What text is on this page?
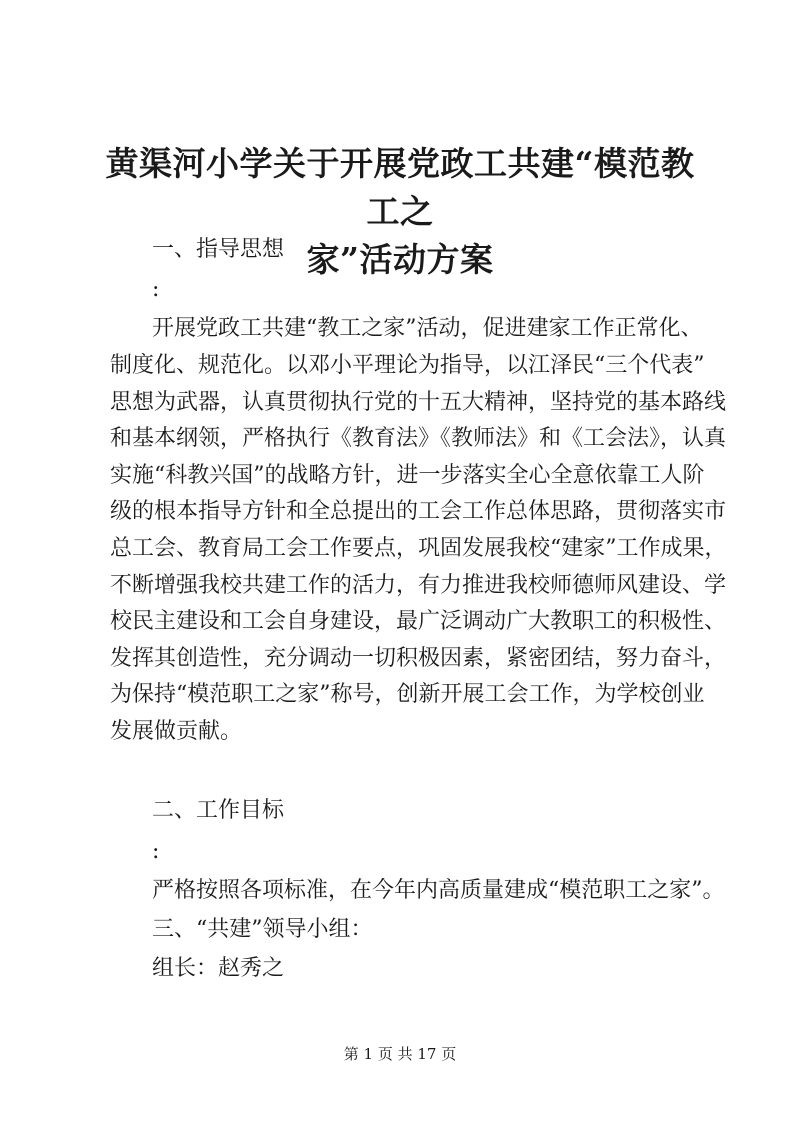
黄渠河小学关于开展党政工共建“模范教工之
家”活动方案
一、指导思想
:
开展党政工共建“教工之家”活动，促进建家工作正常化、
制度化、规范化。以邓小平理论为指导，以江泽民“三个代表”
思想为武器，认真贯彻执行党的十五大精神，坚持党的基本路线
和基本纲领，严格执行《教育法》《教师法》和《工会法》，认真
实施“科教兴国”的战略方针，进一步落实全心全意依靠工人阶
级的根本指导方针和全总提出的工会工作总体思路，贯彻落实市
总工会、教育局工会工作要点，巩固发展我校“建家”工作成果，
不断增强我校共建工作的活力，有力推进我校师德师风建设、学
校民主建设和工会自身建设，最广泛调动广大教职工的积极性、
发挥其创造性，充分调动一切积极因素，紧密团结，努力奋斗，
为保持“模范职工之家”称号，创新开展工会工作，为学校创业
发展做贡献。
二、工作目标
:
严格按照各项标准，在今年内高质量建成“模范职工之家”。
三、“共建”领导小组：
组长：赵秀之
第 1 页 共 17 页
